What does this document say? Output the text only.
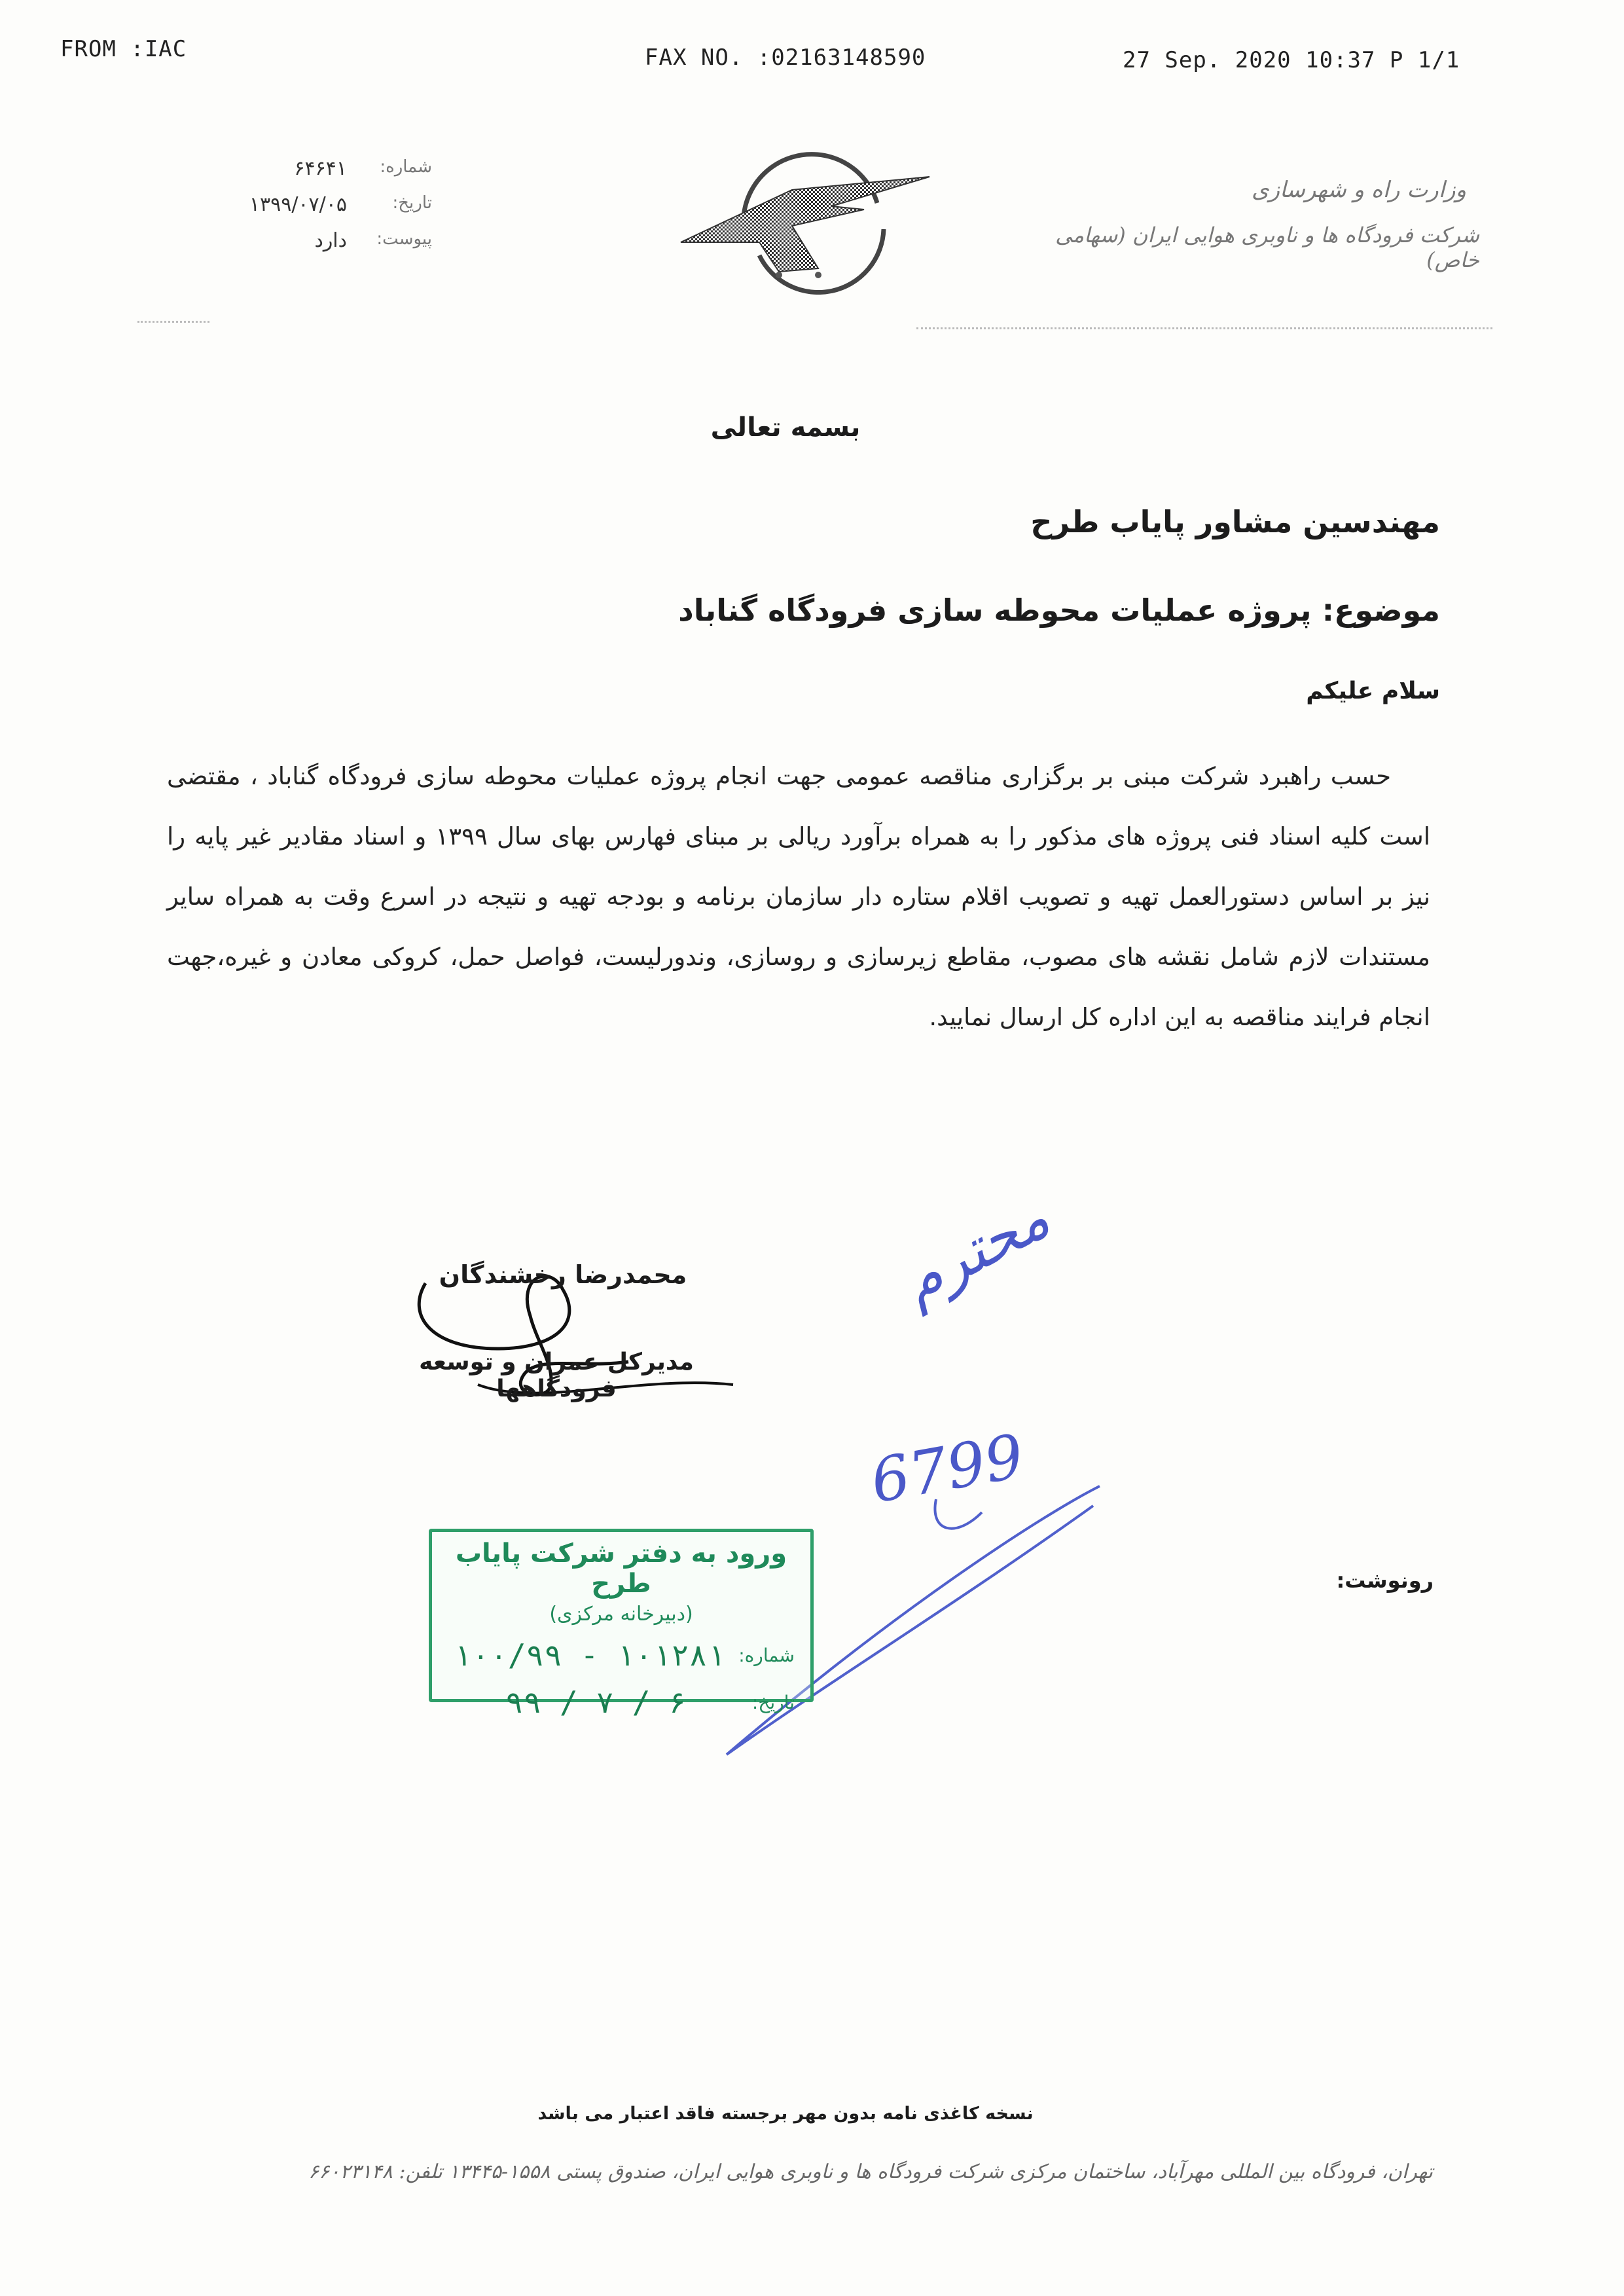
FROM :IAC	FAX NO. :02163148590	27 Sep. 2020 10:37 P 1/1
شماره:
۶۴۶۴۱
تاریخ:
۱۳۹۹/۰۷/۰۵
پیوست:
دارد
وزارت راه و شهرسازی
شرکت فرودگاه ها و ناوبری هوایی ایران (سهامی خاص)
بسمه تعالی
مهندسین مشاور پایاب طرح
موضوع: پروژه عملیات محوطه سازی فرودگاه گناباد
سلام علیکم
حسب راهبرد شرکت مبنی بر برگزاری مناقصه عمومی جهت انجام پروژه عملیات محوطه سازی فرودگاه گناباد ، مقتضی است کلیه اسناد فنی پروژه های مذکور را به همراه برآورد ریالی بر مبنای فهارس بهای سال ۱۳۹۹ و اسناد مقادیر غیر پایه را نیز بر اساس دستورالعمل تهیه و تصویب اقلام ستاره دار سازمان برنامه و بودجه تهیه و نتیجه در اسرع وقت به همراه سایر مستندات لازم شامل نقشه های مصوب، مقاطع زیرسازی و روسازی، وندورلیست، فواصل حمل، کروکی معادن و غیره،جهت انجام فرایند مناقصه به این اداره کل ارسال نمایید.
محمدرضا رخشندگان
مدیرکل عمران و توسعه فرودگاهها
محترم
6799
رونوشت:
ورود به دفتر شرکت پایاب طرح
(دبیرخانه مرکزی)
شماره:
۱۰۰/۹۹ - ۱۰۱۲۸۱
تاریخ:
۹۹ / ۷ / ۶
نسخه کاغذی نامه بدون مهر برجسته فاقد اعتبار می باشد
تهران، فرودگاه بین المللی مهرآباد، ساختمان مرکزی شرکت فرودگاه ها و ناوبری هوایی ایران، صندوق پستی ۱۵۵۸-۱۳۴۴۵ تلفن: ۶۶۰۲۳۱۴۸
